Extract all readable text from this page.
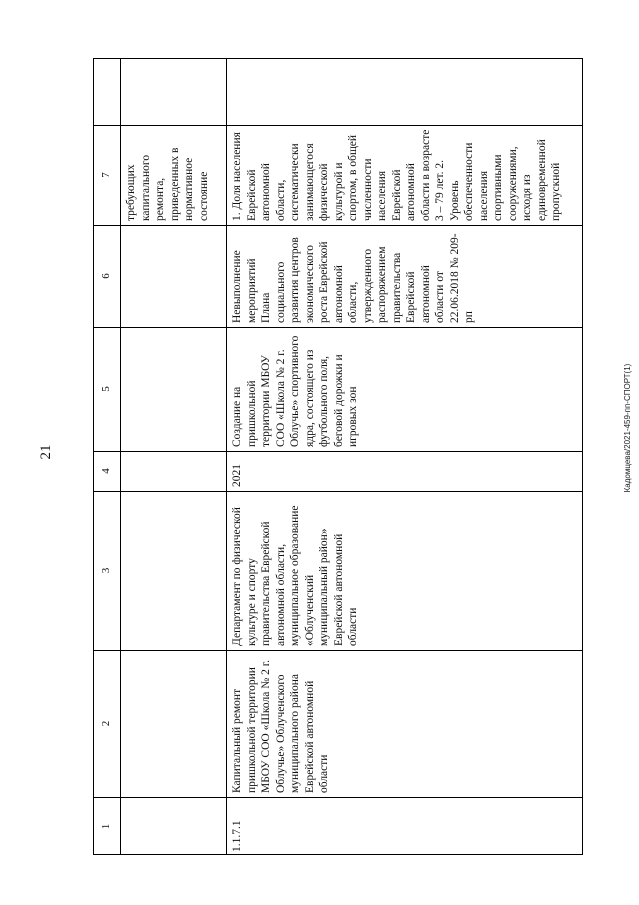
21	Кадомцева/2021-459-пп-СПОРТ(1)
1
2
3
4
5
6
7	требующих капитального ремонта, приведенных в нормативное состояние
1.1.7.1
Капитальный ремонт пришкольной территории МБОУ СОО «Школа № 2 г. Облучье» Облученского муниципального района Еврейской автономной области
Департамент по физической культуре и спорту правительства Еврейской автономной области, муниципальное образование «Облученский муниципальный район» Еврейской автономной области
2021
Создание на пришкольной территории МБОУ СОО «Школа № 2 г. Облучье» спортивного ядра, состоящего из футбольного поля, беговой дорожки и игровых зон
Невыполнение мероприятий Плана социального развития центров экономического роста Еврейской автономной области, утвержденного распоряжением правительства Еврейской автономной области от 22.06.2018 № 209-рп
1. Доля населения Еврейской автономной области, систематически занимающегося физической культурой и спортом, в общей численности населения Еврейской автономной области в возрасте 3 – 79 лет. 2. Уровень обеспеченности населения спортивными сооружениями, исходя из единовременной пропускной
